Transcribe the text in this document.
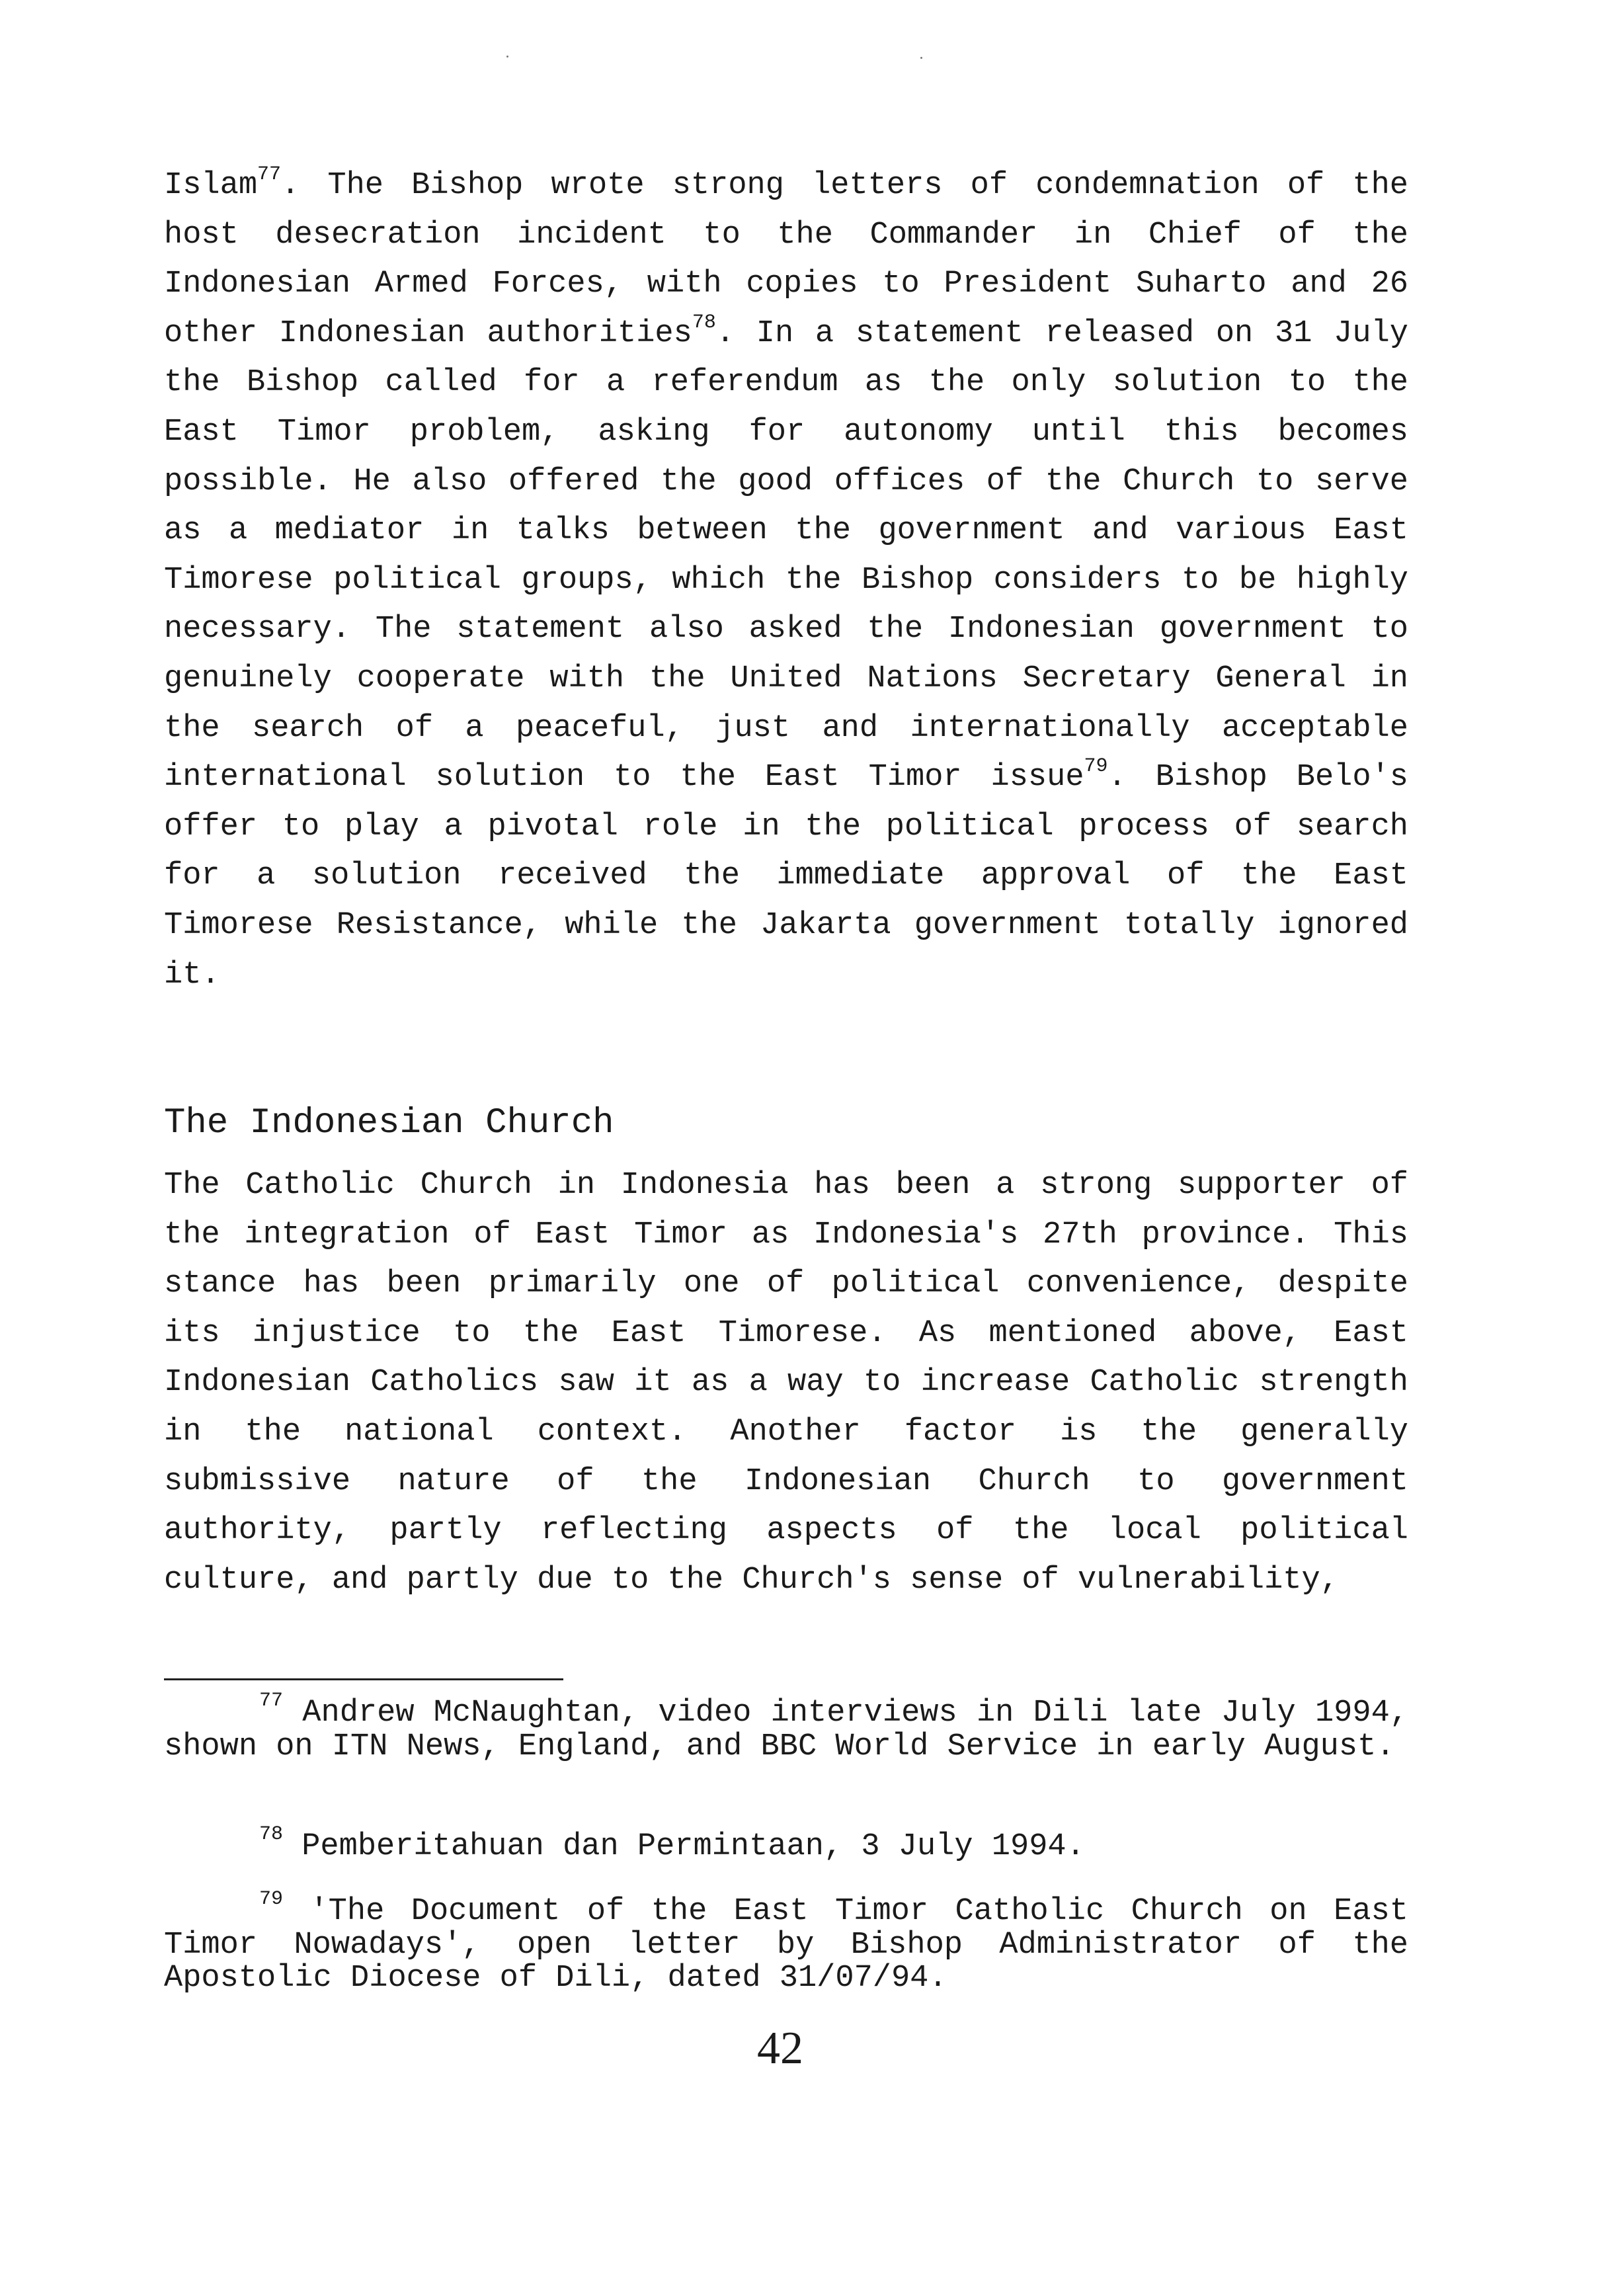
Islam$^{77}$. The Bishop wrote strong letters of condemnation of the host desecration incident to the Commander in Chief of the Indonesian Armed Forces, with copies to President Suharto and 26 other Indonesian authorities$^{78}$. In a statement released on 31 July the Bishop called for a referendum as the only solution to the East Timor problem, asking for autonomy until this becomes possible. He also offered the good offices of the Church to serve as a mediator in talks between the government and various East Timorese political groups, which the Bishop considers to be highly necessary. The statement also asked the Indonesian government to genuinely cooperate with the United Nations Secretary General in the search of a peaceful, just and internationally acceptable international solution to the East Timor issue$^{79}$. Bishop Belo's offer to play a pivotal role in the political process of search for a solution received the immediate approval of the East Timorese Resistance, while the Jakarta government totally ignored it.
The Indonesian Church
The Catholic Church in Indonesia has been a strong supporter of the integration of East Timor as Indonesia's 27th province. This stance has been primarily one of political convenience, despite its injustice to the East Timorese. As mentioned above, East Indonesian Catholics saw it as a way to increase Catholic strength in the national context. Another factor is the generally submissive nature of the Indonesian Church to government authority, partly reflecting aspects of the local political culture, and partly due to the Church's sense of vulnerability,
$^{77}$ Andrew McNaughtan, video interviews in Dili late July 1994, shown on ITN News, England, and BBC World Service in early August.
$^{78}$ Pemberitahuan dan Permintaan, 3 July 1994.
$^{79}$ 'The Document of the East Timor Catholic Church on East Timor Nowadays', open letter by Bishop Administrator of the Apostolic Diocese of Dili, dated 31/07/94.
42
